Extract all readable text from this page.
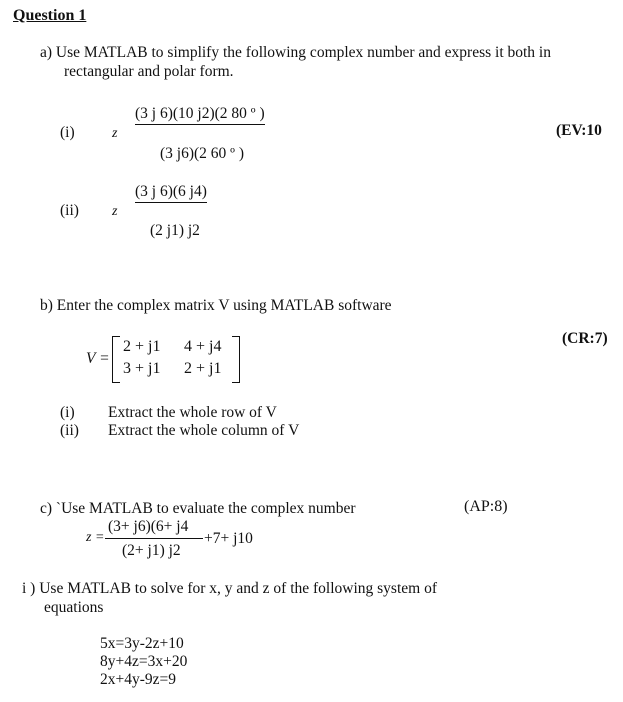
Question 1
a) Use MATLAB to simplify the following complex number and express it both in
rectangular and polar form.
(i)	z
(3 j 6)(10 j2)(2 80 º )
(3 j6)(2 60 º )
(EV:10
(ii) z
(3 j 6)(6 j4)
(2 j1) j2
b) Enter the complex matrix V using MATLAB software
(CR:7)
V =
2 + j1 4 + j4
3 + j1 2 + j1
(i) Extract the whole row of V
(ii) Extract the whole column of V
c) `Use MATLAB to evaluate the complex number	(AP:8)
z =
(3+ j6)(6+ j4
(2+ j1) j2
+7+ j10
i ) Use MATLAB to solve for x, y and z of the following system of
equations
5x=3y-2z+10
8y+4z=3x+20
2x+4y-9z=9
